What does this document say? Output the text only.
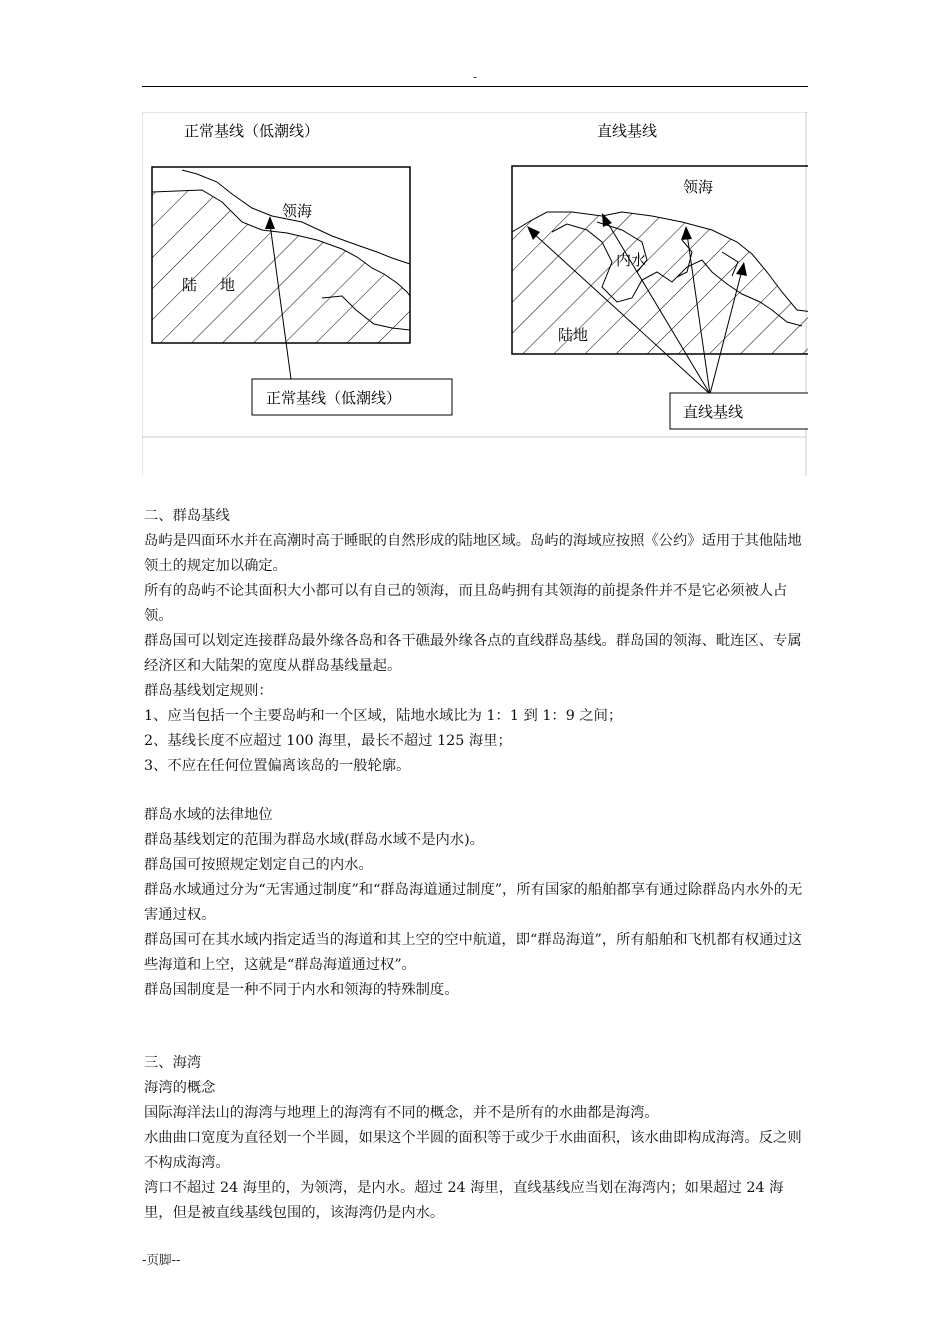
-
正常基线（低潮线）
领海
陆 地
正常基线（低潮线）
直线基线
领海
内水
陆地
直线基线

二、群岛基线

岛屿是四面环水并在高潮时高于睡眠的自然形成的陆地区域。岛屿的海域应按照《公约》适用于其他陆地领土的规定加以确定。

所有的岛屿不论其面积大小都可以有自己的领海，而且岛屿拥有其领海的前提条件并不是它必须被人占领。

群岛国可以划定连接群岛最外缘各岛和各干礁最外缘各点的直线群岛基线。群岛国的领海、毗连区、专属经济区和大陆架的宽度从群岛基线量起。

群岛基线划定规则：

1、应当包括一个主要岛屿和一个区域，陆地水域比为 1：1 到 1：9 之间；

2、基线长度不应超过 100 海里，最长不超过 125 海里；

3、不应在任何位置偏离该岛的一般轮廓。

群岛水域的法律地位

群岛基线划定的范围为群岛水域(群岛水域不是内水)。

群岛国可按照规定划定自己的内水。

群岛水域通过分为“无害通过制度”和“群岛海道通过制度”，所有国家的船舶都享有通过除群岛内水外的无害通过权。

群岛国可在其水域内指定适当的海道和其上空的空中航道，即“群岛海道”，所有船舶和飞机都有权通过这些海道和上空，这就是“群岛海道通过权”。

群岛国制度是一种不同于内水和领海的特殊制度。

三、海湾

海湾的概念

国际海洋法山的海湾与地理上的海湾有不同的概念，并不是所有的水曲都是海湾。

水曲曲口宽度为直径划一个半圆，如果这个半圆的面积等于或少于水曲面积，该水曲即构成海湾。反之则不构成海湾。

湾口不超过 24 海里的，为领湾，是内水。超过 24 海里，直线基线应当划在海湾内；如果超过 24 海里，但是被直线基线包围的，该海湾仍是内水。

-页脚--
